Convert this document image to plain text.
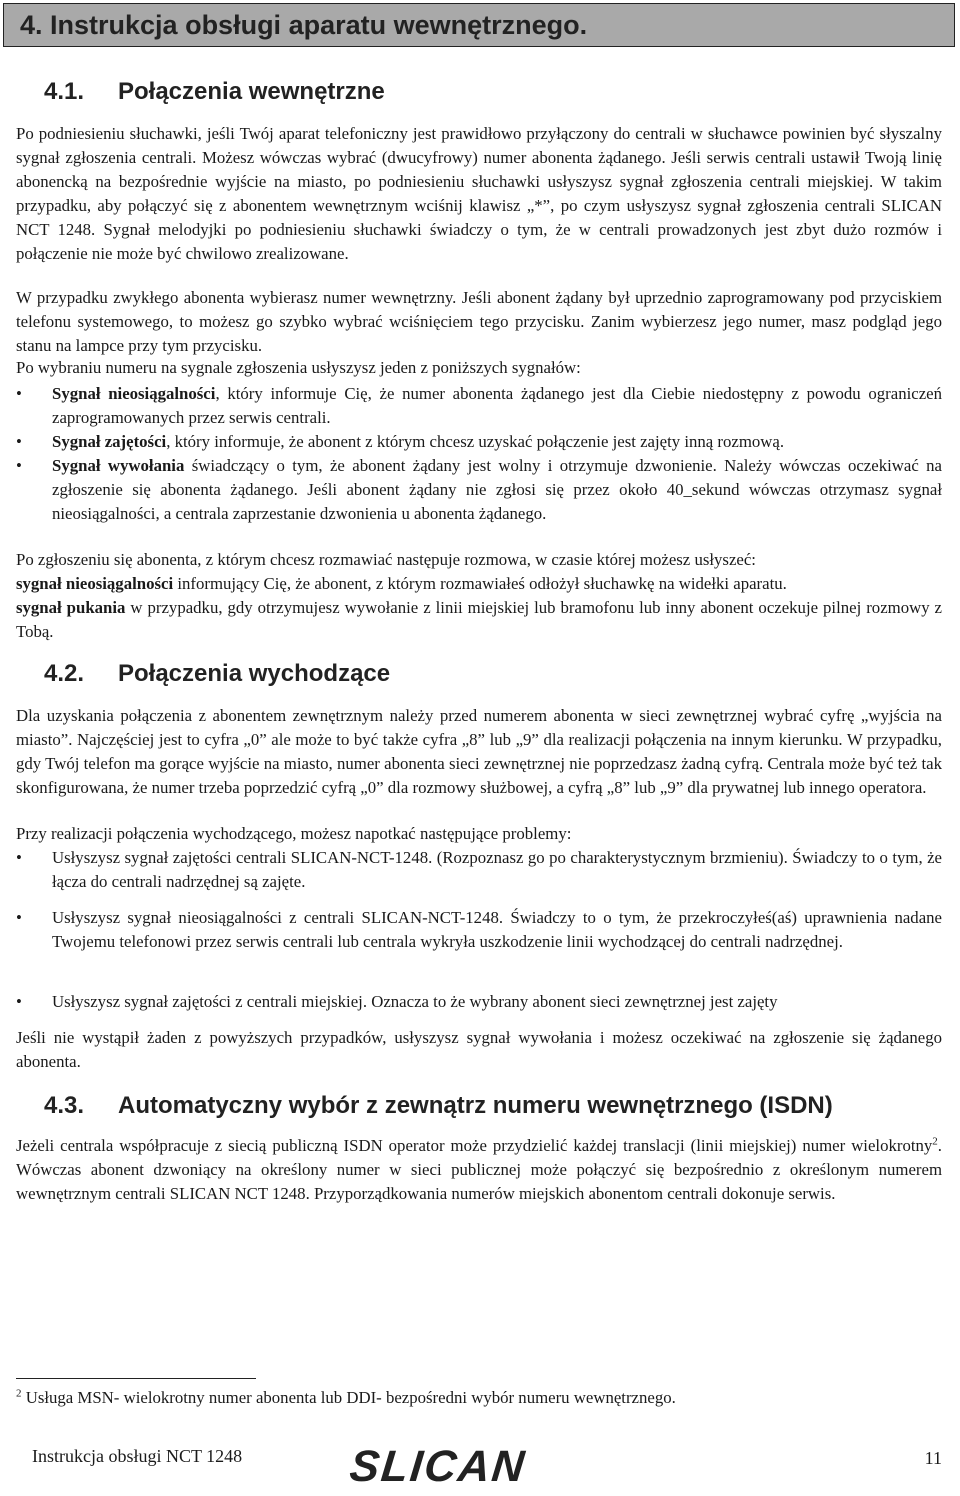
4. Instrukcja obsługi aparatu wewnętrznego.
4.1. Połączenia wewnętrzne

Po podniesieniu słuchawki, jeśli Twój aparat telefoniczny jest prawidłowo przyłączony do centrali w słuchawce powinien być słyszalny sygnał zgłoszenia centrali. Możesz wówczas wybrać (dwucyfrowy) numer abonenta żądanego. Jeśli serwis centrali ustawił Twoją linię abonencką na bezpośrednie wyjście na miasto, po podniesieniu słuchawki usłyszysz sygnał zgłoszenia centrali miejskiej. W takim przypadku, aby połączyć się z abonentem wewnętrznym wciśnij klawisz „*”, po czym usłyszysz sygnał zgłoszenia centrali SLICAN NCT 1248. Sygnał melodyjki po podniesieniu słuchawki świadczy o tym, że w centrali prowadzonych jest zbyt dużo rozmów i połączenie nie może być chwilowo zrealizowane.

W przypadku zwykłego abonenta wybierasz numer wewnętrzny. Jeśli abonent żądany był uprzednio zaprogramowany pod przyciskiem telefonu systemowego, to możesz go szybko wybrać wciśnięciem tego przycisku. Zanim wybierzesz jego numer, masz podgląd jego stanu na lampce przy tym przycisku.

Po wybraniu numeru na sygnale zgłoszenia usłyszysz jeden z poniższych sygnałów:

•	Sygnał nieosiągalności, który informuje Cię, że numer abonenta żądanego jest dla Ciebie niedostępny z powodu ograniczeń zaprogramowanych przez serwis centrali.
•	Sygnał zajętości, który informuje, że abonent z którym chcesz uzyskać połączenie jest zajęty inną rozmową.
•	Sygnał wywołania świadczący o tym, że abonent żądany jest wolny i otrzymuje dzwonienie. Należy wówczas oczekiwać na zgłoszenie się abonenta żądanego. Jeśli abonent żądany nie zgłosi się przez około 40_sekund wówczas otrzymasz sygnał nieosiągalności, a centrala zaprzestanie dzwonienia u abonenta żądanego.

Po zgłoszeniu się abonenta, z którym chcesz rozmawiać następuje rozmowa, w czasie której możesz usłyszeć:

sygnał nieosiągalności informujący Cię, że abonent, z którym rozmawiałeś odłożył słuchawkę na widełki aparatu.

sygnał pukania w przypadku, gdy otrzymujesz wywołanie z linii miejskiej lub bramofonu lub inny abonent oczekuje pilnej rozmowy z Tobą.

4.2. Połączenia wychodzące

Dla uzyskania połączenia z abonentem zewnętrznym należy przed numerem abonenta w sieci zewnętrznej wybrać cyfrę „wyjścia na miasto”. Najczęściej jest to cyfra „0” ale może to być także cyfra „8” lub „9” dla realizacji połączenia na innym kierunku. W przypadku, gdy Twój telefon ma gorące wyjście na miasto, numer abonenta sieci zewnętrznej nie poprzedzasz żadną cyfrą. Centrala może być też tak skonfigurowana, że numer trzeba poprzedzić cyfrą „0” dla rozmowy służbowej, a cyfrą „8” lub „9” dla prywatnej lub innego operatora.

Przy realizacji połączenia wychodzącego, możesz napotkać następujące problemy:

•	Usłyszysz sygnał zajętości centrali SLICAN-NCT-1248. (Rozpoznasz go po charakterystycznym brzmieniu). Świadczy to o tym, że łącza do centrali nadrzędnej są zajęte.
•	Usłyszysz sygnał nieosiągalności z centrali SLICAN-NCT-1248. Świadczy to o tym, że przekroczyłeś(aś) uprawnienia nadane Twojemu telefonowi przez serwis centrali lub centrala wykryła uszkodzenie linii wychodzącej do centrali nadrzędnej.
•	Usłyszysz sygnał zajętości z centrali miejskiej. Oznacza to że wybrany abonent sieci zewnętrznej jest zajęty

Jeśli nie wystąpił żaden z powyższych przypadków, usłyszysz sygnał wywołania i możesz oczekiwać na zgłoszenie się żądanego abonenta.

4.3. Automatyczny wybór z zewnątrz numeru wewnętrznego (ISDN)

Jeżeli centrala współpracuje z siecią publiczną ISDN operator może przydzielić każdej translacji (linii miejskiej) numer wielokrotny$^2$. Wówczas abonent dzwoniący na określony numer w sieci publicznej może połączyć się bezpośrednio z określonym numerem wewnętrznym centrali SLICAN NCT 1248. Przyporządkowania numerów miejskich abonentom centrali dokonuje serwis.

$^2$ Usługa MSN- wielokrotny numer abonenta lub DDI- bezpośredni wybór numeru wewnętrznego.
Instrukcja obsługi NCT 1248 SLICAN	11
